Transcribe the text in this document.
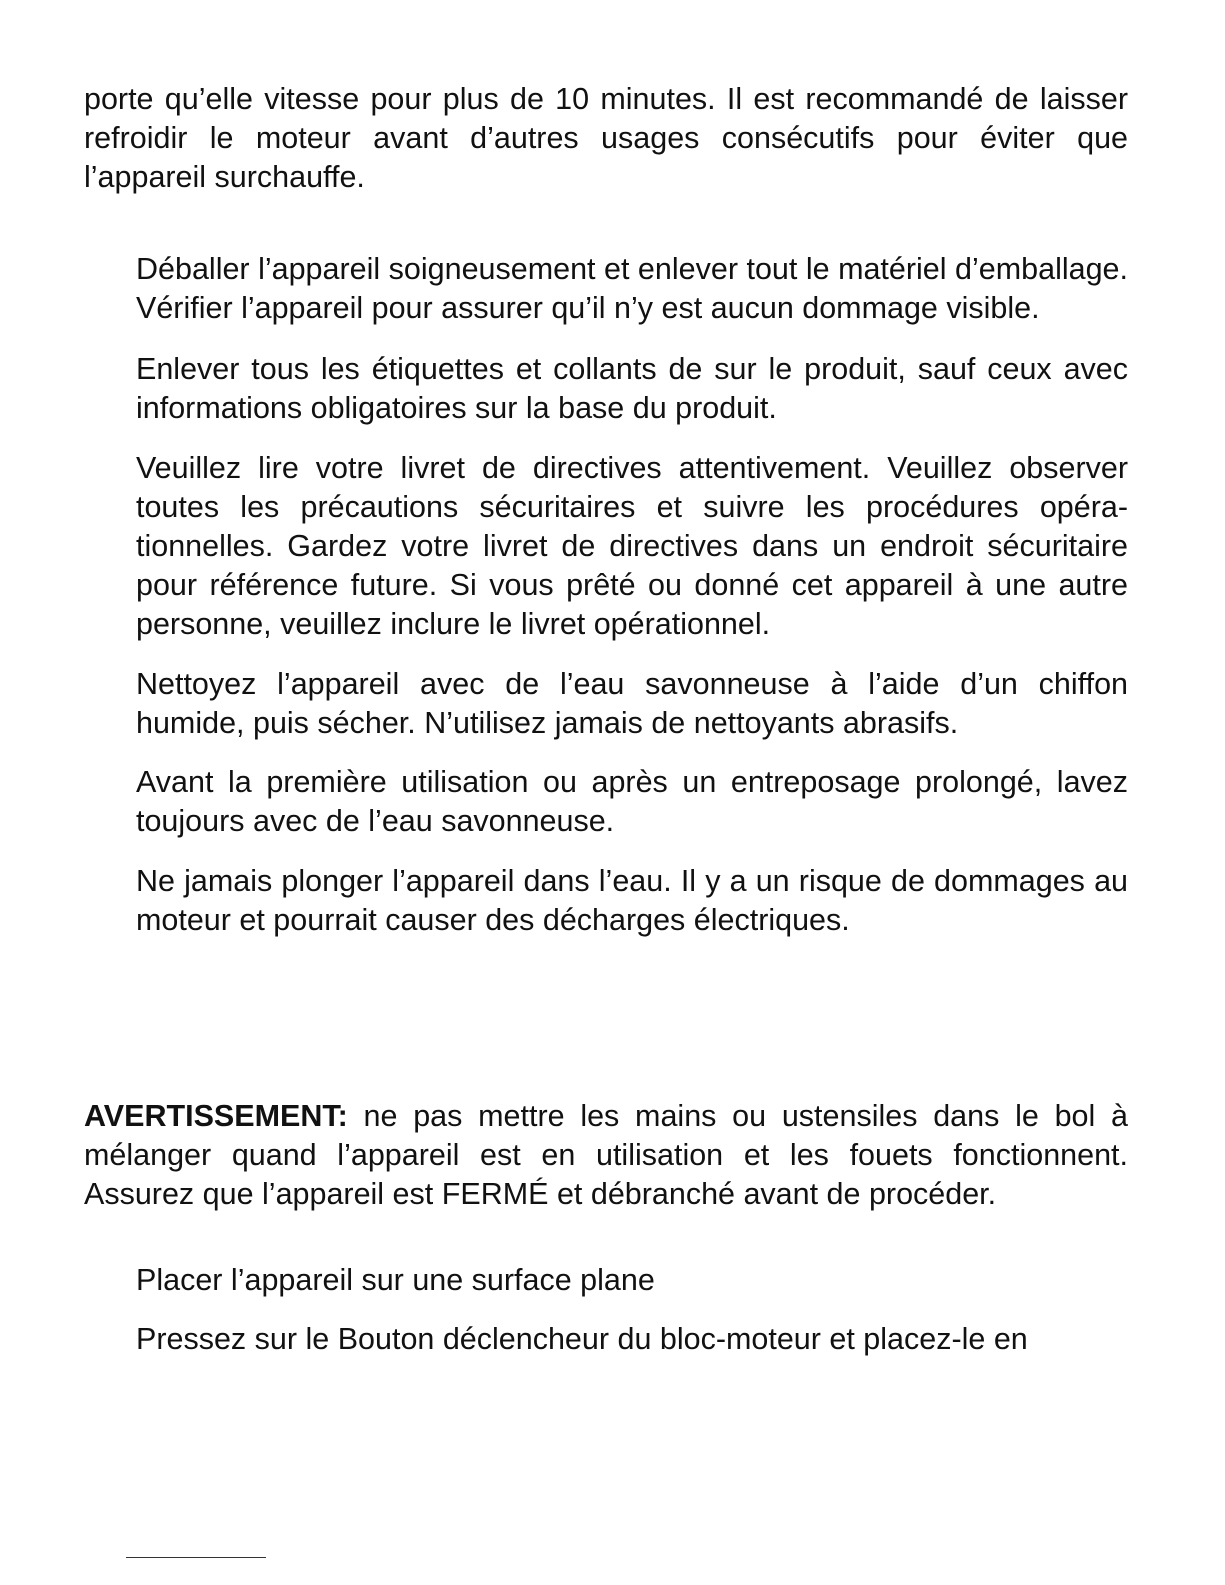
porte qu’elle vitesse pour plus de 10 minutes. Il est recommandé de laisser refroidir le moteur avant d’autres usages consécutifs pour éviter que l’appareil surchauffe.

Déballer l’appareil soigneusement et enlever tout le matériel d’emballage. Vérifier l’appareil pour assurer qu’il n’y est aucun dommage visible.

Enlever tous les étiquettes et collants de sur le produit, sauf ceux avec informations obligatoires sur la base du produit.

Veuillez lire votre livret de directives attentivement. Veuillez observer toutes les précautions sécuritaires et suivre les procédures opéra-tionnelles. Gardez votre livret de directives dans un endroit sécuritaire pour référence future. Si vous prêté ou donné cet appareil à une autre personne, veuillez inclure le livret opérationnel.

Nettoyez l’appareil avec de l’eau savonneuse à l’aide d’un chiffon humide, puis sécher. N’utilisez jamais de nettoyants abrasifs.

Avant la première utilisation ou après un entreposage prolongé, lavez toujours avec de l’eau savonneuse.

Ne jamais plonger l’appareil dans l’eau. Il y a un risque de dommages au moteur et pourrait causer des décharges électriques.

AVERTISSEMENT: ne pas mettre les mains ou ustensiles dans le bol à mélanger quand l’appareil est en utilisation et les fouets fonctionnent. Assurez que l’appareil est FERMÉ et débranché avant de procéder.

Placer l’appareil sur une surface plane

Pressez sur le Bouton déclencheur du bloc-moteur et placez-le en
